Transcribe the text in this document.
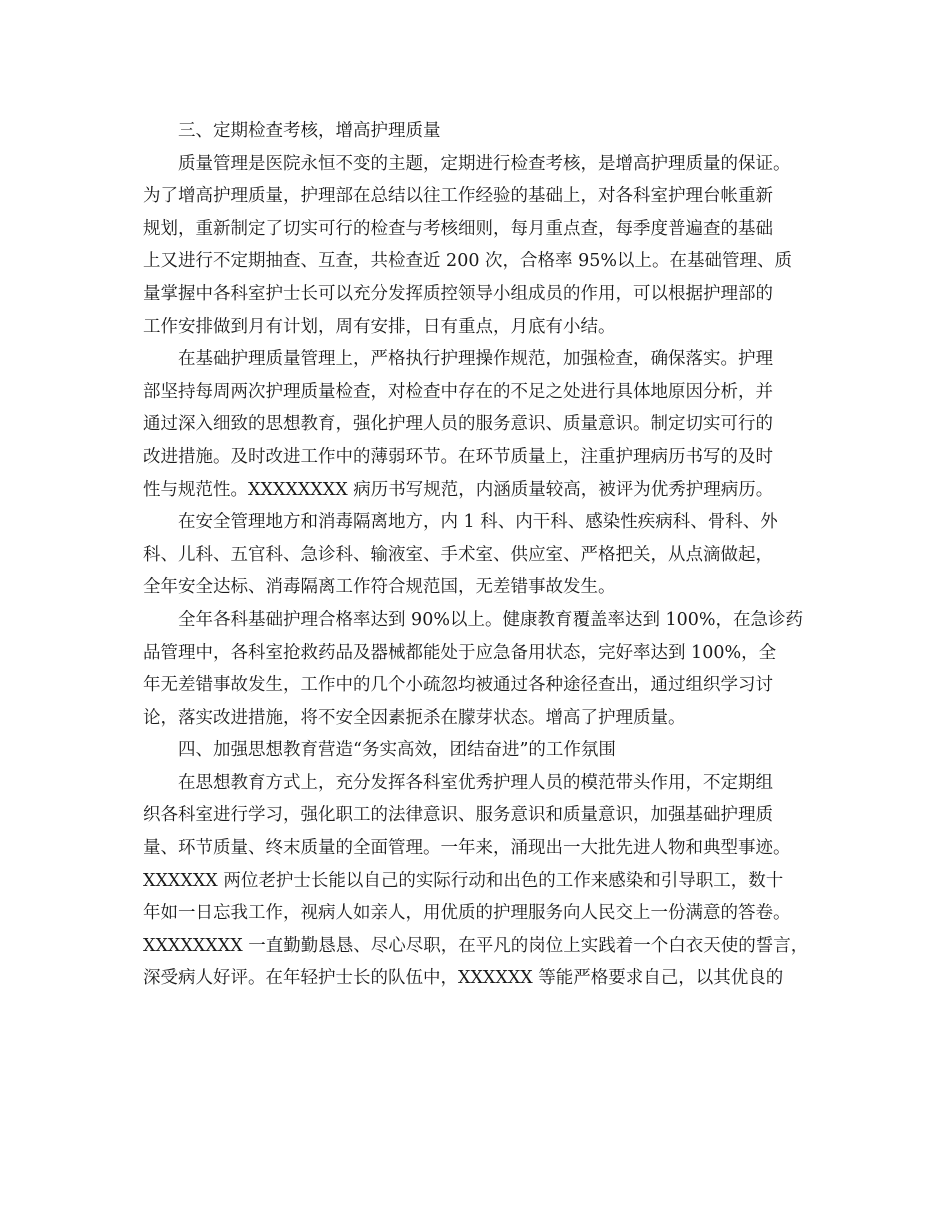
三、定期检查考核，增高护理质量
质量管理是医院永恒不变的主题，定期进行检查考核，是增高护理质量的保证。
为了增高护理质量，护理部在总结以往工作经验的基础上，对各科室护理台帐重新
规划，重新制定了切实可行的检查与考核细则，每月重点查，每季度普遍查的基础
上又进行不定期抽查、互查，共检查近 200 次，合格率 95%以上。在基础管理、质
量掌握中各科室护士长可以充分发挥质控领导小组成员的作用，可以根据护理部的
工作安排做到月有计划，周有安排，日有重点，月底有小结。
在基础护理质量管理上，严格执行护理操作规范，加强检查，确保落实。护理
部坚持每周两次护理质量检查，对检查中存在的不足之处进行具体地原因分析，并
通过深入细致的思想教育，强化护理人员的服务意识、质量意识。制定切实可行的
改进措施。及时改进工作中的薄弱环节。在环节质量上，注重护理病历书写的及时
性与规范性。XXXXXXXX 病历书写规范，内涵质量较高，被评为优秀护理病历。
在安全管理地方和消毒隔离地方，内 1 科、内干科、感染性疾病科、骨科、外
科、儿科、五官科、急诊科、输液室、手术室、供应室、严格把关，从点滴做起，
全年安全达标、消毒隔离工作符合规范国，无差错事故发生。
全年各科基础护理合格率达到 90%以上。健康教育覆盖率达到 100%，在急诊药
品管理中，各科室抢救药品及器械都能处于应急备用状态，完好率达到 100%，全
年无差错事故发生，工作中的几个小疏忽均被通过各种途径查出，通过组织学习讨
论，落实改进措施，将不安全因素扼杀在朦芽状态。增高了护理质量。
四、加强思想教育营造“务实高效，团结奋进”的工作氛围
在思想教育方式上，充分发挥各科室优秀护理人员的模范带头作用，不定期组
织各科室进行学习，强化职工的法律意识、服务意识和质量意识，加强基础护理质
量、环节质量、终末质量的全面管理。一年来，涌现出一大批先进人物和典型事迹。
XXXXXX 两位老护士长能以自己的实际行动和出色的工作来感染和引导职工，数十
年如一日忘我工作，视病人如亲人，用优质的护理服务向人民交上一份满意的答卷。
XXXXXXXX 一直勤勤恳恳、尽心尽职，在平凡的岗位上实践着一个白衣天使的誓言，
深受病人好评。在年轻护士长的队伍中，XXXXXX 等能严格要求自己，以其优良的
